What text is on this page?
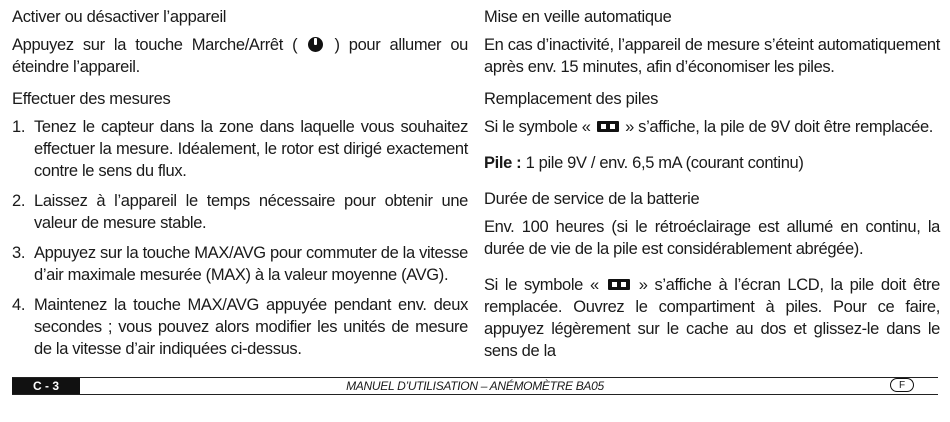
Activer ou désactiver l’appareil

Appuyez sur la touche Marche/Arrêt ( ) pour allumer ou éteindre l’appareil.

Effectuer des mesures
1. Tenez le capteur dans la zone dans laquelle vous souhaitez effectuer la mesure. Idéalement, le rotor est dirigé exactement contre le sens du flux.
2. Laissez à l’appareil le temps nécessaire pour obtenir une valeur de mesure stable.
3. Appuyez sur la touche MAX/AVG pour commuter de la vitesse d’air maximale mesurée (MAX) à la valeur moyenne (AVG).
4. Maintenez la touche MAX/AVG appuyée pendant env. deux secondes ; vous pouvez alors modifier les unités de mesure de la vitesse d’air indiquées ci-dessus.
Mise en veille automatique

En cas d’inactivité, l’appareil de mesure s’éteint automatiquement après env. 15 minutes, afin d’économiser les piles.

Remplacement des piles

Si le symbole « » s’affiche, la pile de 9V doit être remplacée.

Pile : 1 pile 9V / env. 6,5 mA (courant continu)

Durée de service de la batterie

Env. 100 heures (si le rétroéclairage est allumé en continu, la durée de vie de la pile est considérablement abrégée).

Si le symbole « » s’affiche à l’écran LCD, la pile doit être remplacée. Ouvrez le compartiment à piles. Pour ce faire, appuyez légèrement sur le cache au dos et glissez-le dans le sens de la

MANUEL D’UTILISATION – ANÉMOMÈTRE BA05
C - 3	F
